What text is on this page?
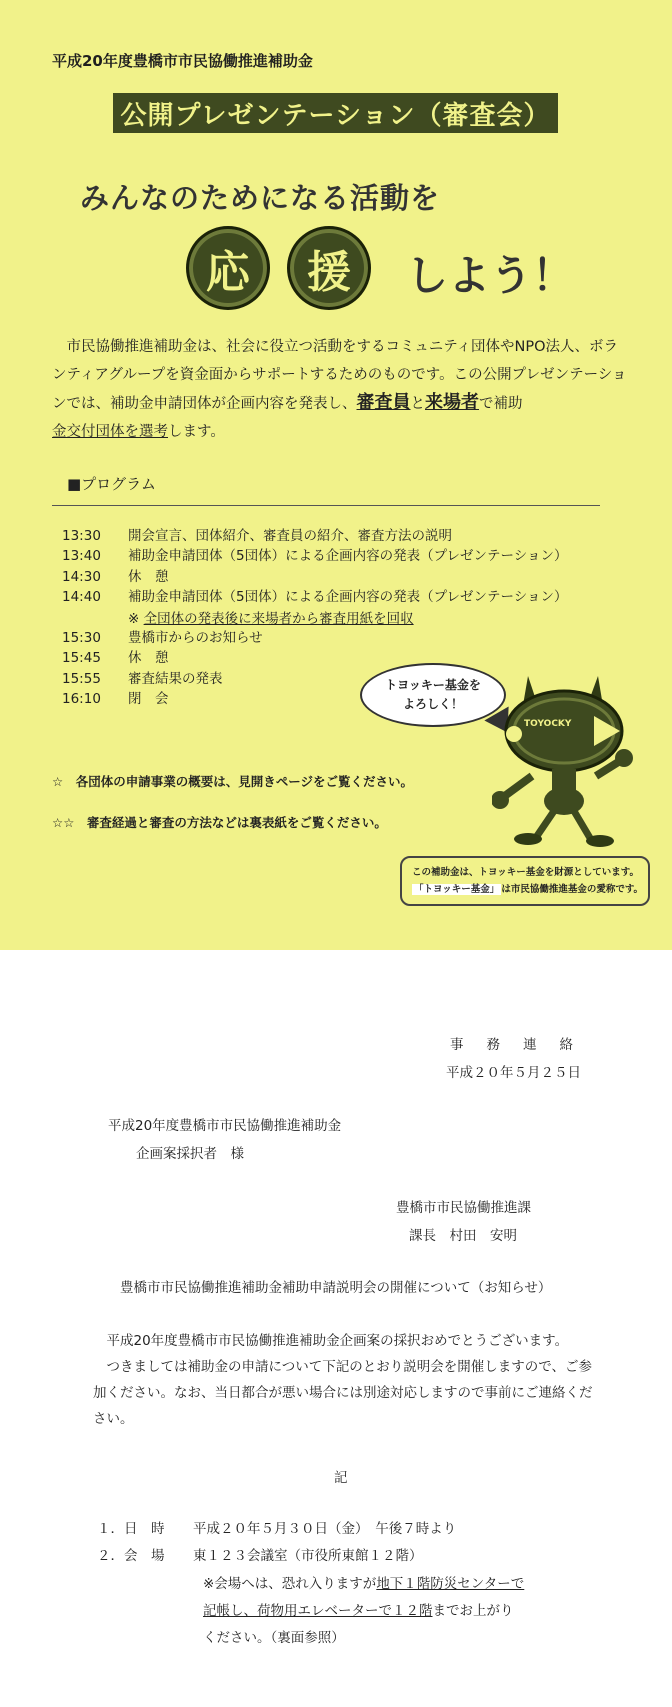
平成20年度豊橋市市民協働推進補助金
公開プレゼンテーション（審査会）
みんなのためになる活動を
応	援	しよう！
　市民協働推進補助金は、社会に役立つ活動をするコミュニティ団体やNPO法人、ボランティアグループを資金面からサポートするためのものです。この公開プレゼンテーションでは、補助金申請団体が企画内容を発表し、審査員と来場者で補助
金交付団体を選考します。
■プログラム
13:30	開会宣言、団体紹介、審査員の紹介、審査方法の説明
13:40	補助金申請団体（5団体）による企画内容の発表（プレゼンテーション）
14:30	休　憩
14:40	補助金申請団体（5団体）による企画内容の発表（プレゼンテーション）
15:30	豊橋市からのお知らせ
15:45	休　憩
15:55	審査結果の発表
16:10	閉　会
※ 全団体の発表後に来場者から審査用紙を回収
トヨッキー基金を
よろしく！
TOYOCKY
☆　各団体の申請事業の概要は、見開きページをご覧ください。
☆☆　審査経過と審査の方法などは裏表紙をご覧ください。
この補助金は、トヨッキー基金を財源としています。
「トヨッキー基金」 は市民協働推進基金の愛称です。
事務連絡
平成２０年５月２５日
平成20年度豊橋市市民協働推進補助金
企画案採択者　様
豊橋市市民協働推進課
課長　村田　安明
豊橋市市民協働推進補助金補助申請説明会の開催について（お知らせ）
　平成20年度豊橋市市民協働推進補助金企画案の採択おめでとうございます。
　つきましては補助金の申請について下記のとおり説明会を開催しますので、ご参加ください。なお、当日都合が悪い場合には別途対応しますので事前にご連絡ください。
記
１．日　時	平成２０年５月３０日（金）　午後７時より
２．会　場	東１２３会議室（市役所東館１２階）
※会場へは、恐れ入りますが地下１階防災センターで
記帳し、荷物用エレベーターで１２階までお上がり
ください。（裏面参照）
